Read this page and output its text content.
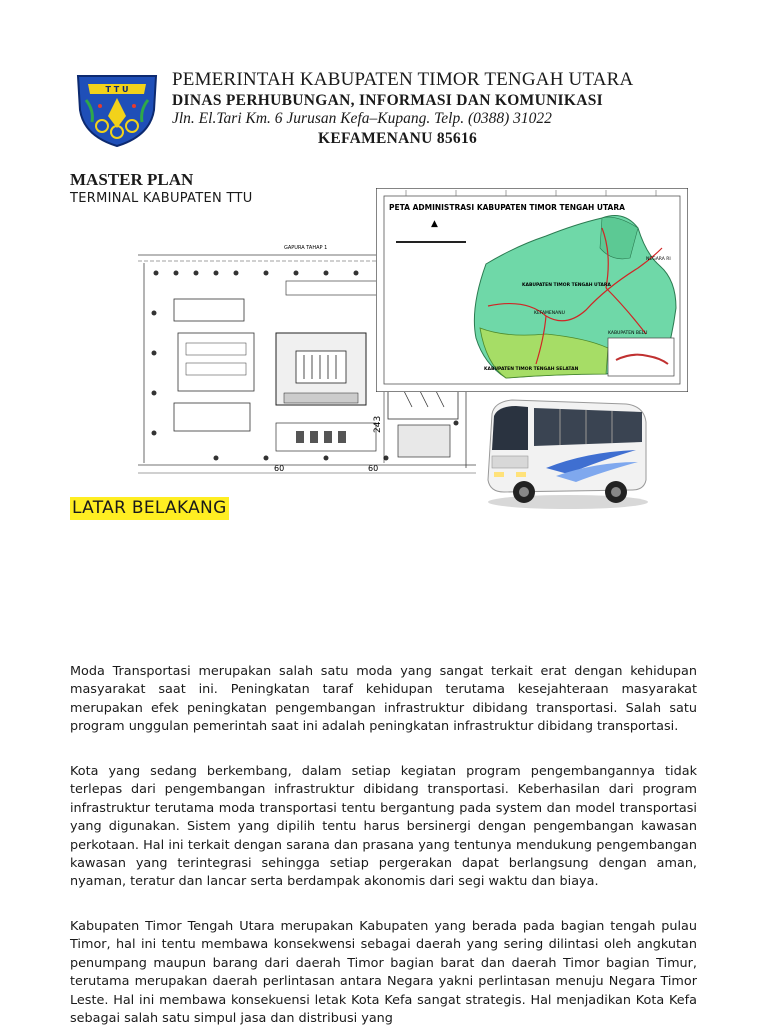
T T U PEMERINTAH KABUPATEN TIMOR TENGAH UTARA
DINAS PERHUBUNGAN, INFORMASI DAN KOMUNIKASI
Jln. El.Tari Km. 6 Jurusan Kefa–Kupang. Telp. (0388) 31022
KEFAMENANU 85616
MASTER PLAN
TERMINAL KABUPATEN TTU
243
60	60
GAPURA TAHAP 1
▲
PETA ADMINISTRASI KABUPATEN TIMOR TENGAH UTARA
KABUPATEN TIMOR TENGAH UTARA
KABUPATEN TIMOR TENGAH SELATAN
NEGARA RI
KABUPATEN BELU
KEFAMENANU
LATAR BELAKANG

Moda Transportasi merupakan salah satu moda yang sangat terkait erat dengan kehidupan masyarakat saat ini. Peningkatan taraf kehidupan terutama kesejahteraan masyarakat merupakan efek peningkatan pengembangan infrastruktur dibidang transportasi. Salah satu program unggulan pemerintah saat ini adalah peningkatan infrastruktur dibidang transportasi.

Kota yang sedang berkembang, dalam setiap kegiatan program pengembangannya tidak terlepas dari pengembangan infrastruktur dibidang transportasi. Keberhasilan dari program infrastruktur terutama moda transportasi tentu bergantung pada system dan model transportasi yang digunakan. Sistem yang dipilih tentu harus bersinergi dengan pengembangan kawasan perkotaan. Hal ini terkait dengan sarana dan prasana yang tentunya mendukung pengembangan kawasan yang terintegrasi sehingga setiap pergerakan dapat berlangsung dengan aman, nyaman, teratur dan lancar serta berdampak akonomis dari segi waktu dan biaya.

Kabupaten Timor Tengah Utara merupakan Kabupaten yang berada pada bagian tengah pulau Timor, hal ini tentu membawa konsekwensi sebagai daerah yang sering dilintasi oleh angkutan penumpang maupun barang dari daerah Timor bagian barat dan daerah Timor bagian Timur, terutama merupakan daerah perlintasan antara Negara yakni perlintasan menuju Negara Timor Leste. Hal ini membawa konsekuensi letak Kota Kefa sangat strategis. Hal menjadikan Kota Kefa sebagai salah satu simpul jasa dan distribusi yang
